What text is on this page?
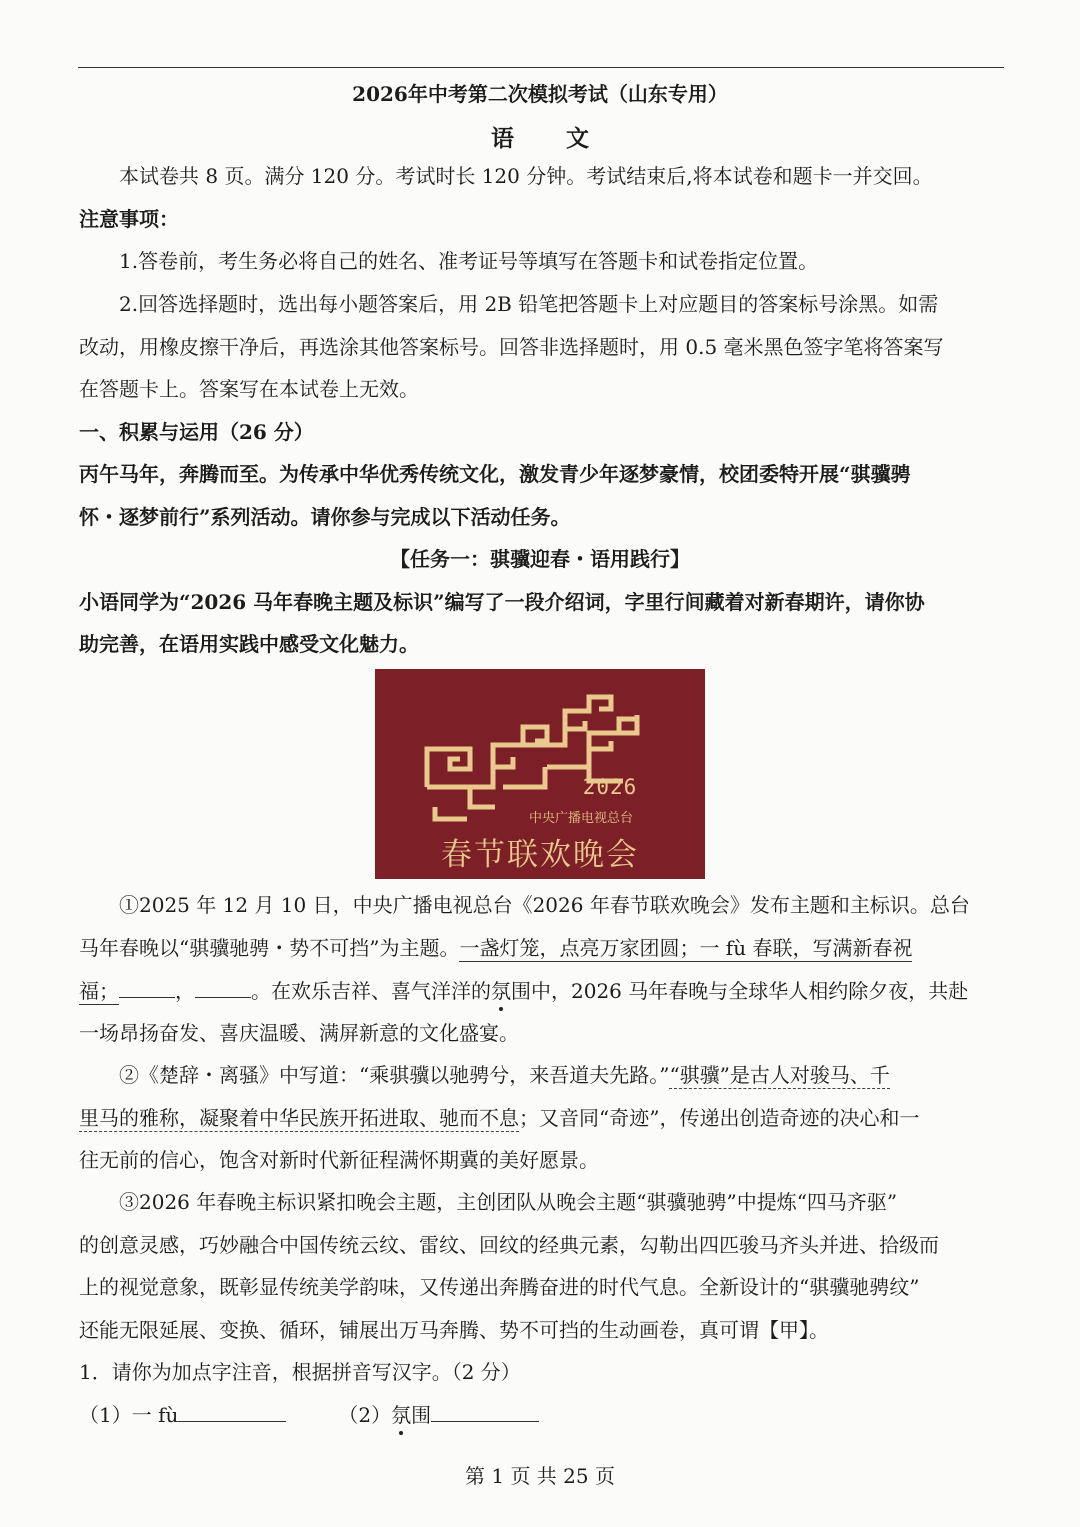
2026年中考第二次模拟考试（山东专用）
语 文
本试卷共 8 页。满分 120 分。考试时长 120 分钟。考试结束后,将本试卷和题卡一并交回。
注意事项：
1.答卷前，考生务必将自己的姓名、准考证号等填写在答题卡和试卷指定位置。
2.回答选择题时，选出每小题答案后，用 2B 铅笔把答题卡上对应题目的答案标号涂黑。如需
改动，用橡皮擦干净后，再选涂其他答案标号。回答非选择题时，用 0.5 毫米黑色签字笔将答案写
在答题卡上。答案写在本试卷上无效。
一、积累与运用（26 分）
丙午马年，奔腾而至。为传承中华优秀传统文化，激发青少年逐梦豪情，校团委特开展“骐骥骋
怀・逐梦前行”系列活动。请你参与完成以下活动任务。
【任务一：骐骥迎春・语用践行】
小语同学为“2026 马年春晚主题及标识”编写了一段介绍词，字里行间藏着对新春期许，请你协
助完善，在语用实践中感受文化魅力。
2026
中央广播电视总台
春节联欢晚会
①2025 年 12 月 10 日，中央广播电视总台《2026 年春节联欢晚会》发布主题和主标识。总台
马年春晚以“骐骥驰骋・势不可挡”为主题。一盏灯笼，点亮万家团圆；一 fù 春联，写满新春祝
福；	，	。在欢乐吉祥、喜气洋洋的氛围中，2026 马年春晚与全球华人相约除夕夜，共赴
一场昂扬奋发、喜庆温暖、满屏新意的文化盛宴。
②《楚辞・离骚》中写道：“乘骐骥以驰骋兮，来吾道夫先路。”“骐骥”是古人对骏马、千
里马的雅称，凝聚着中华民族开拓进取、驰而不息；又音同“奇迹”，传递出创造奇迹的决心和一
往无前的信心，饱含对新时代新征程满怀期冀的美好愿景。
③2026 年春晚主标识紧扣晚会主题，主创团队从晚会主题“骐骥驰骋”中提炼“四马齐驱”
的创意灵感，巧妙融合中国传统云纹、雷纹、回纹的经典元素，勾勒出四匹骏马齐头并进、拾级而
上的视觉意象，既彰显传统美学韵味，又传递出奔腾奋进的时代气息。全新设计的“骐骥驰骋纹”
还能无限延展、变换、循环，铺展出万马奔腾、势不可挡的生动画卷，真可谓【甲】。
1．请你为加点字注音，根据拼音写汉字。（2 分）
（1）一 fù	（2）氛围
第 1 页 共 25 页
